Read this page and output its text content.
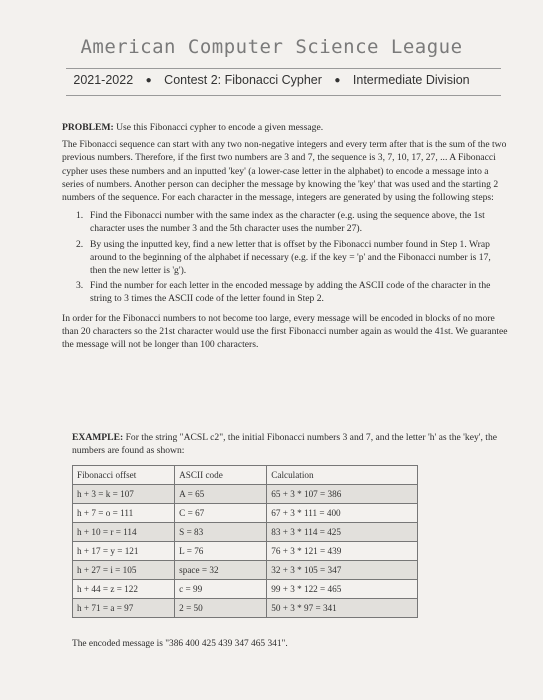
American Computer Science League
2021-2022 ● Contest 2: Fibonacci Cypher ● Intermediate Division

PROBLEM: Use this Fibonacci cypher to encode a given message.

The Fibonacci sequence can start with any two non-negative integers and every term after that is the sum of the two previous numbers. Therefore, if the first two numbers are 3 and 7, the sequence is 3, 7, 10, 17, 27, ... A Fibonacci cypher uses these numbers and an inputted 'key' (a lower-case letter in the alphabet) to encode a message into a series of numbers. Another person can decipher the message by knowing the 'key' that was used and the starting 2 numbers of the sequence. For each character in the message, integers are generated by using the following steps:

1. Find the Fibonacci number with the same index as the character (e.g. using the sequence above, the 1st character uses the number 3 and the 5th character uses the number 27).
2. By using the inputted key, find a new letter that is offset by the Fibonacci number found in Step 1. Wrap around to the beginning of the alphabet if necessary (e.g. if the key = 'p' and the Fibonacci number is 17, then the new letter is 'g').
3. Find the number for each letter in the encoded message by adding the ASCII code of the character in the string to 3 times the ASCII code of the letter found in Step 2.

In order for the Fibonacci numbers to not become too large, every message will be encoded in blocks of no more than 20 characters so the 21st character would use the first Fibonacci number again as would the 41st. We guarantee the message will not be longer than 100 characters.

EXAMPLE: For the string "ACSL c2", the initial Fibonacci numbers 3 and 7, and the letter 'h' as the 'key', the numbers are found as shown:
Fibonacci offset	ASCII code	Calculation
h + 3 = k = 107	A = 65	65 + 3 * 107 = 386
h + 7 = o = 111	C = 67	67 + 3 * 111 = 400
h + 10 = r = 114	S = 83	83 + 3 * 114 = 425
h + 17 = y = 121	L = 76	76 + 3 * 121 = 439
h + 27 = i = 105	space = 32	32 + 3 * 105 = 347
h + 44 = z = 122	c = 99	99 + 3 * 122 = 465
h + 71 = a = 97	2 = 50	50 + 3 * 97 = 341
The encoded message is "386 400 425 439 347 465 341".
